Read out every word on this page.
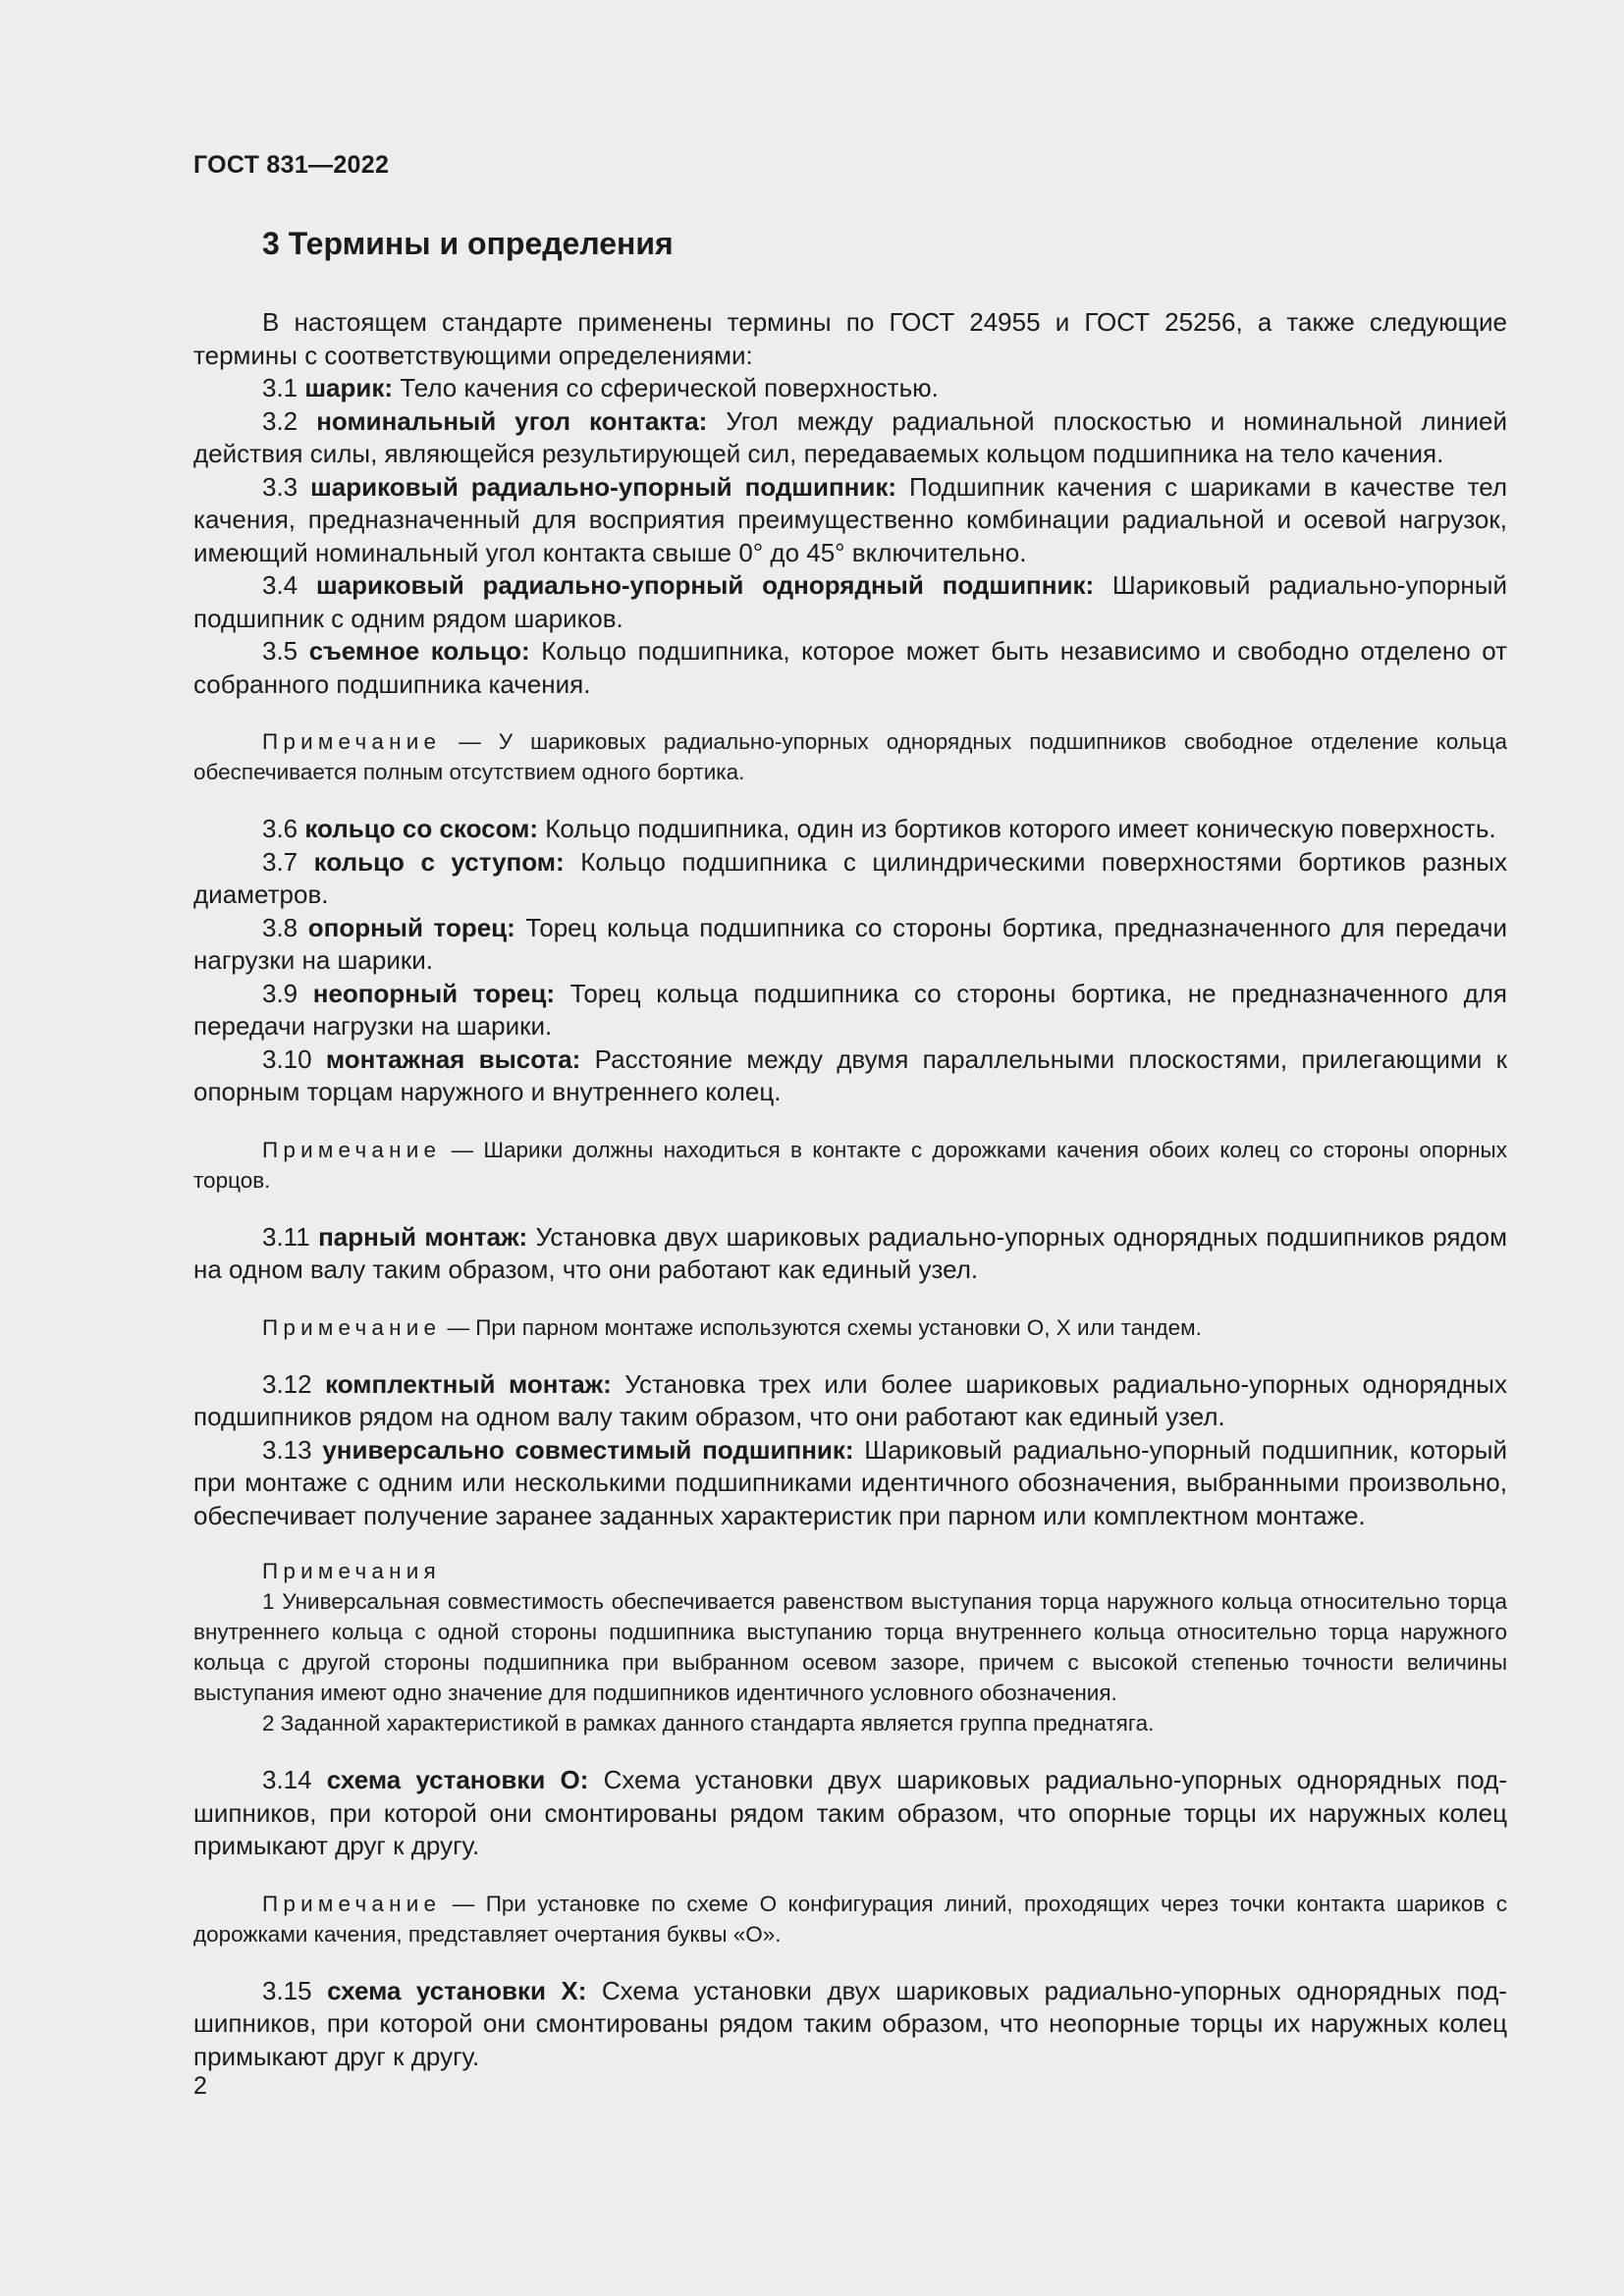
ГОСТ 831—2022
3 Термины и определения

В настоящем стандарте применены термины по ГОСТ 24955 и ГОСТ 25256, а также следующие термины с соответствующими определениями:

3.1 шарик: Тело качения со сферической поверхностью.

3.2 номинальный угол контакта: Угол между радиальной плоскостью и номинальной линией действия силы, являющейся результирующей сил, передаваемых кольцом подшипника на тело качения.

3.3 шариковый радиально-упорный подшипник: Подшипник качения с шариками в качестве тел качения, предназначенный для восприятия преимущественно комбинации радиальной и осевой нагрузок, имеющий номинальный угол контакта свыше 0° до 45° включительно.

3.4 шариковый радиально-упорный однорядный подшипник: Шариковый радиально-упорный подшипник с одним рядом шариков.

3.5 съемное кольцо: Кольцо подшипника, которое может быть независимо и свободно отделено от собранного подшипника качения.

Примечание — У шариковых радиально-упорных однорядных подшипников свободное отделение кольца обеспечивается полным отсутствием одного бортика.

3.6 кольцо со скосом: Кольцо подшипника, один из бортиков которого имеет коническую поверхность.

3.7 кольцо с уступом: Кольцо подшипника с цилиндрическими поверхностями бортиков разных диаметров.

3.8 опорный торец: Торец кольца подшипника со стороны бортика, предназначенного для передачи нагрузки на шарики.

3.9 неопорный торец: Торец кольца подшипника со стороны бортика, не предназначенного для передачи нагрузки на шарики.

3.10 монтажная высота: Расстояние между двумя параллельными плоскостями, прилегающими к опорным торцам наружного и внутреннего колец.

Примечание — Шарики должны находиться в контакте с дорожками качения обоих колец со стороны опорных торцов.

3.11 парный монтаж: Установка двух шариковых радиально-упорных однорядных подшипников рядом на одном валу таким образом, что они работают как единый узел.

Примечание — При парном монтаже используются схемы установки О, Х или тандем.

3.12 комплектный монтаж: Установка трех или более шариковых радиально-упорных однорядных подшипников рядом на одном валу таким образом, что они работают как единый узел.

3.13 универсально совместимый подшипник: Шариковый радиально-упорный подшипник, который при монтаже с одним или несколькими подшипниками идентичного обозначения, выбранными произвольно, обеспечивает получение заранее заданных характеристик при парном или комплектном монтаже.

Примечания

1 Универсальная совместимость обеспечивается равенством выступания торца наружного кольца относительно торца внутреннего кольца с одной стороны подшипника выступанию торца внутреннего кольца относительно торца наружного кольца с другой стороны подшипника при выбранном осевом зазоре, причем с высокой степенью точности величины выступания имеют одно значение для подшипников идентичного условного обозначения.

2 Заданной характеристикой в рамках данного стандарта является группа преднатяга.

3.14 схема установки О: Схема установки двух шариковых радиально-упорных однорядных подшипников, при которой они смонтированы рядом таким образом, что опорные торцы их наружных колец примыкают друг к другу.

Примечание — При установке по схеме О конфигурация линий, проходящих через точки контакта шариков с дорожками качения, представляет очертания буквы «О».

3.15 схема установки Х: Схема установки двух шариковых радиально-упорных однорядных подшипников, при которой они смонтированы рядом таким образом, что неопорные торцы их наружных колец примыкают друг к другу.

2
